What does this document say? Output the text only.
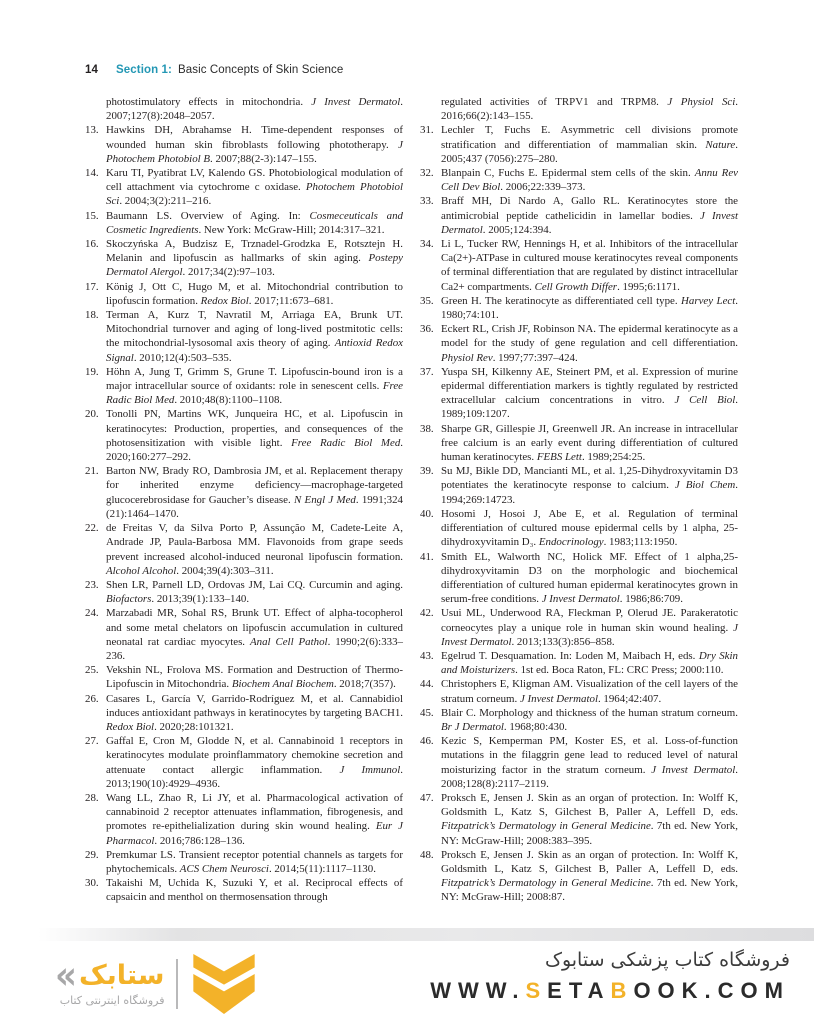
14 Section 1: Basic Concepts of Skin Science
photostimulatory effects in mitochondria. J Invest Dermatol. 2007;127(8):2048–2057.
13. Hawkins DH, Abrahamse H. Time-dependent responses of wounded human skin fibroblasts following phototherapy. J Photochem Photobiol B. 2007;88(2-3):147–155.
14. Karu TI, Pyatibrat LV, Kalendo GS. Photobiological modulation of cell attachment via cytochrome c oxidase. Photochem Photobiol Sci. 2004;3(2):211–216.
15. Baumann LS. Overview of Aging. In: Cosmeceuticals and Cosmetic Ingredients. New York: McGraw-Hill; 2014:317–321.
16. Skoczyńska A, Budzisz E, Trznadel-Grodzka E, Rotsztejn H. Melanin and lipofuscin as hallmarks of skin aging. Postepy Dermatol Alergol. 2017;34(2):97–103.
17. König J, Ott C, Hugo M, et al. Mitochondrial contribution to lipofuscin formation. Redox Biol. 2017;11:673–681.
18. Terman A, Kurz T, Navratil M, Arriaga EA, Brunk UT. Mitochondrial turnover and aging of long-lived postmitotic cells: the mitochondrial-lysosomal axis theory of aging. Antioxid Redox Signal. 2010;12(4):503–535.
19. Höhn A, Jung T, Grimm S, Grune T. Lipofuscin-bound iron is a major intracellular source of oxidants: role in senescent cells. Free Radic Biol Med. 2010;48(8):1100–1108.
20. Tonolli PN, Martins WK, Junqueira HC, et al. Lipofuscin in keratinocytes: Production, properties, and consequences of the photosensitization with visible light. Free Radic Biol Med. 2020;160:277–292.
21. Barton NW, Brady RO, Dambrosia JM, et al. Replacement therapy for inherited enzyme deficiency—macrophage-targeted glucocerebrosidase for Gaucher’s disease. N Engl J Med. 1991;324 (21):1464–1470.
22. de Freitas V, da Silva Porto P, Assunção M, Cadete-Leite A, Andrade JP, Paula-Barbosa MM. Flavonoids from grape seeds prevent increased alcohol-induced neuronal lipofuscin formation. Alcohol Alcohol. 2004;39(4):303–311.
23. Shen LR, Parnell LD, Ordovas JM, Lai CQ. Curcumin and aging. Biofactors. 2013;39(1):133–140.
24. Marzabadi MR, Sohal RS, Brunk UT. Effect of alpha-tocopherol and some metal chelators on lipofuscin accumulation in cultured neonatal rat cardiac myocytes. Anal Cell Pathol. 1990;2(6):333–236.
25. Vekshin NL, Frolova MS. Formation and Destruction of Thermo-Lipofuscin in Mitochondria. Biochem Anal Biochem. 2018;7(357).
26. Casares L, García V, Garrido-Rodríguez M, et al. Cannabidiol induces antioxidant pathways in keratinocytes by targeting BACH1. Redox Biol. 2020;28:101321.
27. Gaffal E, Cron M, Glodde N, et al. Cannabinoid 1 receptors in keratinocytes modulate proinflammatory chemokine secretion and attenuate contact allergic inflammation. J Immunol. 2013;190(10):4929–4936.
28. Wang LL, Zhao R, Li JY, et al. Pharmacological activation of cannabinoid 2 receptor attenuates inflammation, fibrogenesis, and promotes re-epithelialization during skin wound healing. Eur J Pharmacol. 2016;786:128–136.
29. Premkumar LS. Transient receptor potential channels as targets for phytochemicals. ACS Chem Neurosci. 2014;5(11):1117–1130.
30. Takaishi M, Uchida K, Suzuki Y, et al. Reciprocal effects of capsaicin and menthol on thermosensation through
regulated activities of TRPV1 and TRPM8. J Physiol Sci. 2016;66(2):143–155.
31. Lechler T, Fuchs E. Asymmetric cell divisions promote stratification and differentiation of mammalian skin. Nature. 2005;437 (7056):275–280.
32. Blanpain C, Fuchs E. Epidermal stem cells of the skin. Annu Rev Cell Dev Biol. 2006;22:339–373.
33. Braff MH, Di Nardo A, Gallo RL. Keratinocytes store the antimicrobial peptide cathelicidin in lamellar bodies. J Invest Dermatol. 2005;124:394.
34. Li L, Tucker RW, Hennings H, et al. Inhibitors of the intracellular Ca(2+)-ATPase in cultured mouse keratinocytes reveal components of terminal differentiation that are regulated by distinct intracellular Ca2+ compartments. Cell Growth Differ. 1995;6:1171.
35. Green H. The keratinocyte as differentiated cell type. Harvey Lect. 1980;74:101.
36. Eckert RL, Crish JF, Robinson NA. The epidermal keratinocyte as a model for the study of gene regulation and cell differentiation. Physiol Rev. 1997;77:397–424.
37. Yuspa SH, Kilkenny AE, Steinert PM, et al. Expression of murine epidermal differentiation markers is tightly regulated by restricted extracellular calcium concentrations in vitro. J Cell Biol. 1989;109:1207.
38. Sharpe GR, Gillespie JI, Greenwell JR. An increase in intracellular free calcium is an early event during differentiation of cultured human keratinocytes. FEBS Lett. 1989;254:25.
39. Su MJ, Bikle DD, Mancianti ML, et al. 1,25-Dihydroxyvitamin D3 potentiates the keratinocyte response to calcium. J Biol Chem. 1994;269:14723.
40. Hosomi J, Hosoi J, Abe E, et al. Regulation of terminal differentiation of cultured mouse epidermal cells by 1 alpha, 25-dihydroxyvitamin D₃. Endocrinology. 1983;113:1950.
41. Smith EL, Walworth NC, Holick MF. Effect of 1 alpha,25-dihydroxyvitamin D3 on the morphologic and biochemical differentiation of cultured human epidermal keratinocytes grown in serum-free conditions. J Invest Dermatol. 1986;86:709.
42. Usui ML, Underwood RA, Fleckman P, Olerud JE. Parakeratotic corneocytes play a unique role in human skin wound healing. J Invest Dermatol. 2013;133(3):856–858.
43. Egelrud T. Desquamation. In: Loden M, Maibach H, eds. Dry Skin and Moisturizers. 1st ed. Boca Raton, FL: CRC Press; 2000:110.
44. Christophers E, Kligman AM. Visualization of the cell layers of the stratum corneum. J Invest Dermatol. 1964;42:407.
45. Blair C. Morphology and thickness of the human stratum corneum. Br J Dermatol. 1968;80:430.
46. Kezic S, Kemperman PM, Koster ES, et al. Loss-of-function mutations in the filaggrin gene lead to reduced level of natural moisturizing factor in the stratum corneum. J Invest Dermatol. 2008;128(8):2117–2119.
47. Proksch E, Jensen J. Skin as an organ of protection. In: Wolff K, Goldsmith L, Katz S, Gilchest B, Paller A, Leffell D, eds. Fitzpatrick’s Dermatology in General Medicine. 7th ed. New York, NY: McGraw-Hill; 2008:383–395.
48. Proksch E, Jensen J. Skin as an organ of protection. In: Wolff K, Goldsmith L, Katz S, Gilchest B, Paller A, Leffell D, eds. Fitzpatrick’s Dermatology in General Medicine. 7th ed. New York, NY: McGraw-Hill; 2008:87.
« ستابک
فروشگاه اینترنتی کتاب
فروشگاه کتاب پزشکی ستابوک
WWW.SETABOOK.COM
